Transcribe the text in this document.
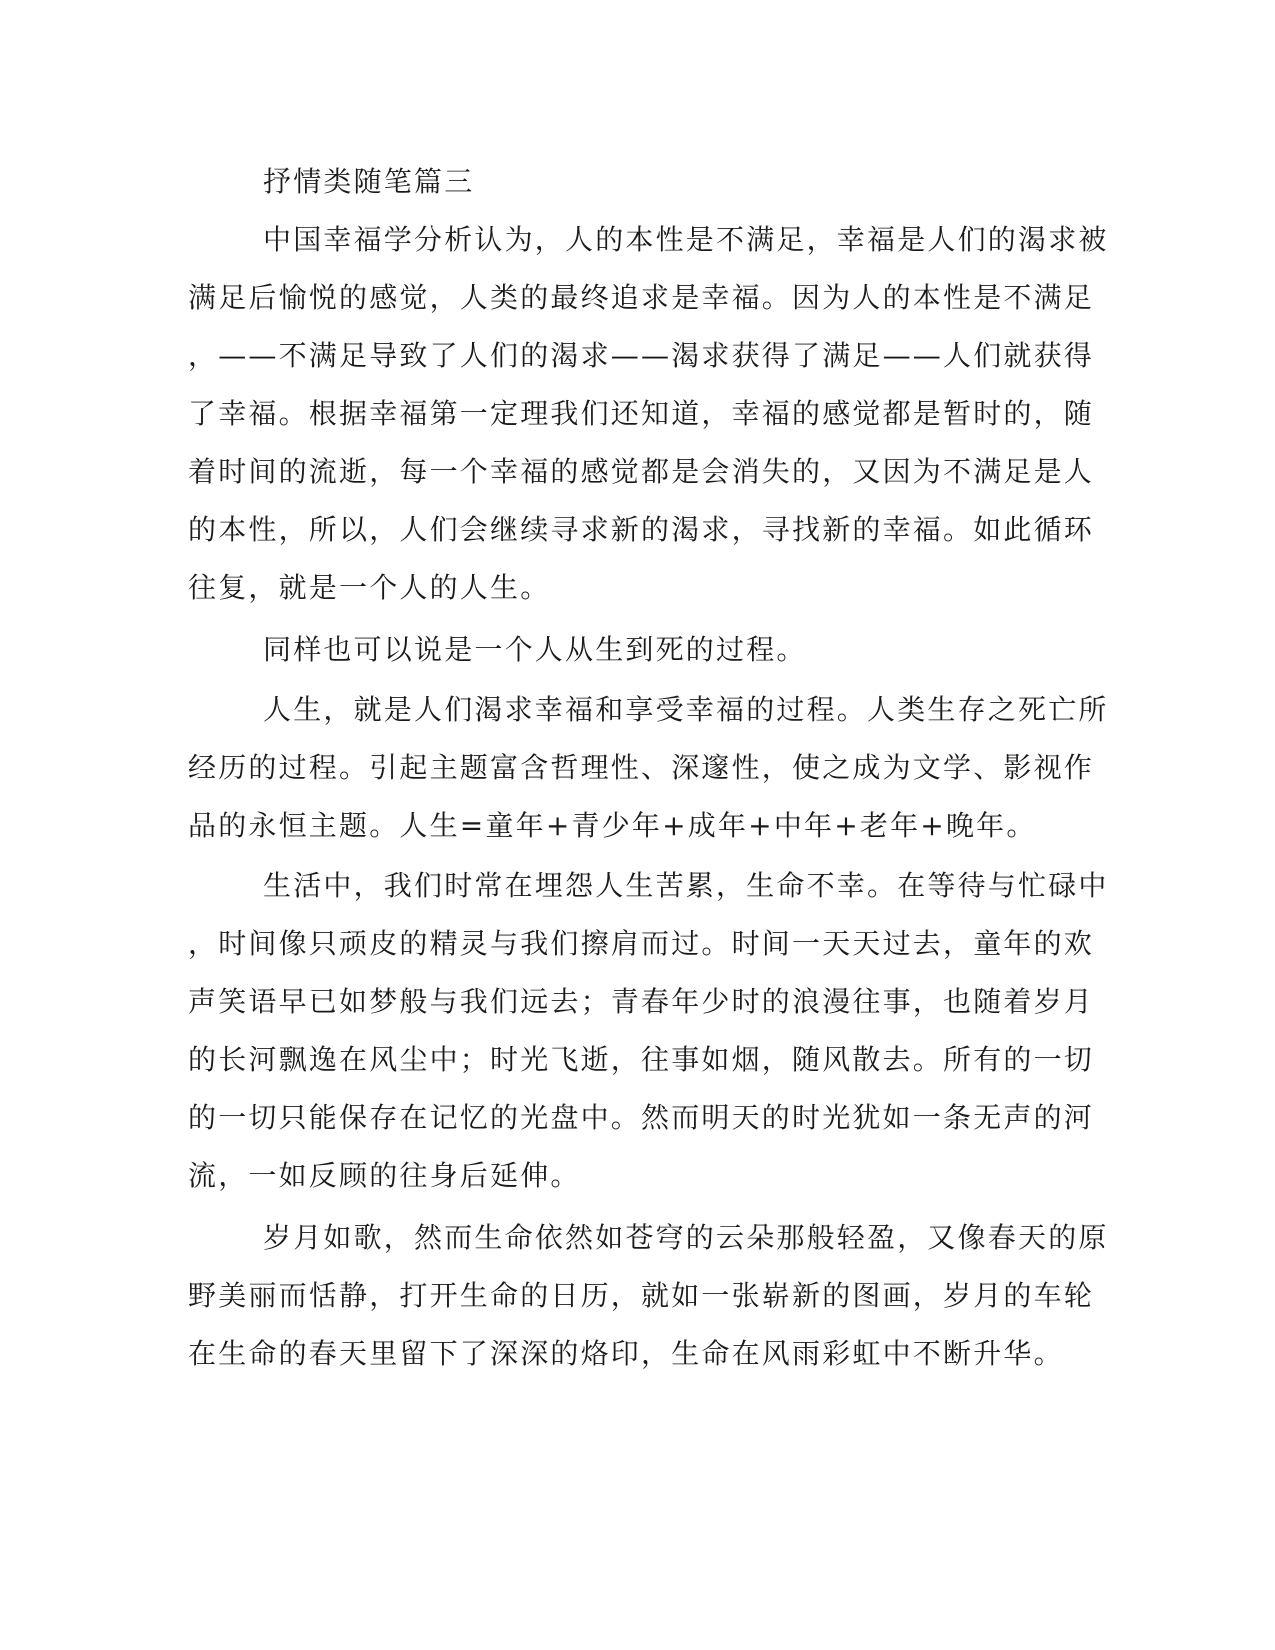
抒情类随笔篇三
中国幸福学分析认为，人的本性是不满足，幸福是人们的渴求被
满足后愉悦的感觉，人类的最终追求是幸福。因为人的本性是不满足
，——不满足导致了人们的渴求——渴求获得了满足——人们就获得
了幸福。根据幸福第一定理我们还知道，幸福的感觉都是暂时的，随
着时间的流逝，每一个幸福的感觉都是会消失的，又因为不满足是人
的本性，所以，人们会继续寻求新的渴求，寻找新的幸福。如此循环
往复，就是一个人的人生。
同样也可以说是一个人从生到死的过程。
人生，就是人们渴求幸福和享受幸福的过程。人类生存之死亡所
经历的过程。引起主题富含哲理性、深邃性，使之成为文学、影视作
品的永恒主题。人生=童年+青少年+成年+中年+老年+晚年。
生活中，我们时常在埋怨人生苦累，生命不幸。在等待与忙碌中
，时间像只顽皮的精灵与我们擦肩而过。时间一天天过去，童年的欢
声笑语早已如梦般与我们远去；青春年少时的浪漫往事，也随着岁月
的长河飘逸在风尘中；时光飞逝，往事如烟，随风散去。所有的一切
的一切只能保存在记忆的光盘中。然而明天的时光犹如一条无声的河
流，一如反顾的往身后延伸。
岁月如歌，然而生命依然如苍穹的云朵那般轻盈，又像春天的原
野美丽而恬静，打开生命的日历，就如一张崭新的图画，岁月的车轮
在生命的春天里留下了深深的烙印，生命在风雨彩虹中不断升华。
